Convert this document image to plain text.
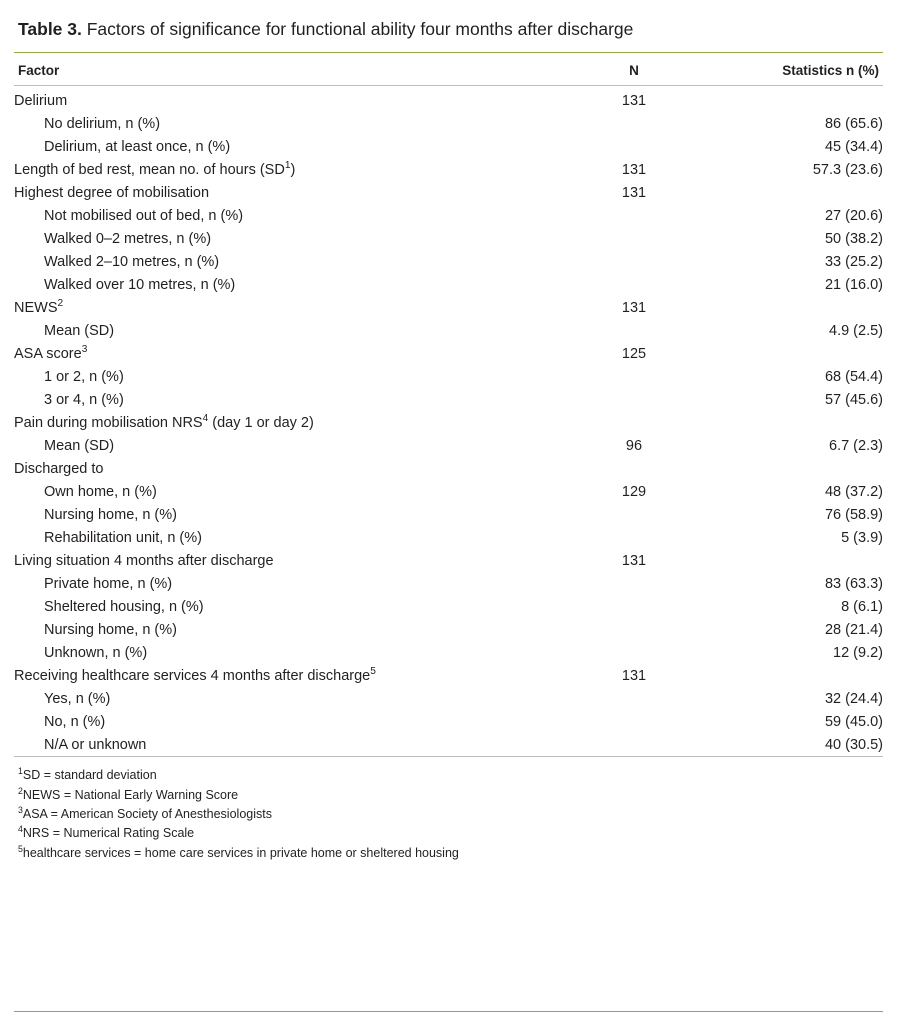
Table 3. Factors of significance for functional ability four months after discharge
Factor	N	Statistics n (%)
Delirium	131	
No delirium, n (%)		86 (65.6)
Delirium, at least once, n (%)		45 (34.4)
Length of bed rest, mean no. of hours $(SD^1)$	131	57.3 (23.6)
Highest degree of mobilisation	131	
Not mobilised out of bed, n (%)		27 (20.6)
Walked 0–2 metres, n (%)		50 (38.2)
Walked 2–10 metres, n (%)		33 (25.2)
Walked over 10 metres, n (%)		21 (16.0)
NEWS$^2$	131	
Mean (SD)		4.9 (2.5)
ASA score$^3$	125	
1 or 2, n (%)		68 (54.4)
3 or 4, n (%)		57 (45.6)
Pain during mobilisation NRS$^4$ (day 1 or day 2)		
Mean (SD)	96	6.7 (2.3)
Discharged to		
Own home, n (%)	129	48 (37.2)
Nursing home, n (%)		76 (58.9)
Rehabilitation unit, n (%)		5 (3.9)
Living situation 4 months after discharge	131	
Private home, n (%)		83 (63.3)
Sheltered housing, n (%)		8 (6.1)
Nursing home, n (%)		28 (21.4)
Unknown, n (%)		12 (9.2)
Receiving healthcare services 4 months after discharge$^5$	131	
Yes, n (%)		32 (24.4)
No, n (%)		59 (45.0)
N/A or unknown		40 (30.5)
$^1$SD = standard deviation
$^2$NEWS = National Early Warning Score
$^3$ASA = American Society of Anesthesiologists
$^4$NRS = Numerical Rating Scale
$^5$healthcare services = home care services in private home or sheltered housing
